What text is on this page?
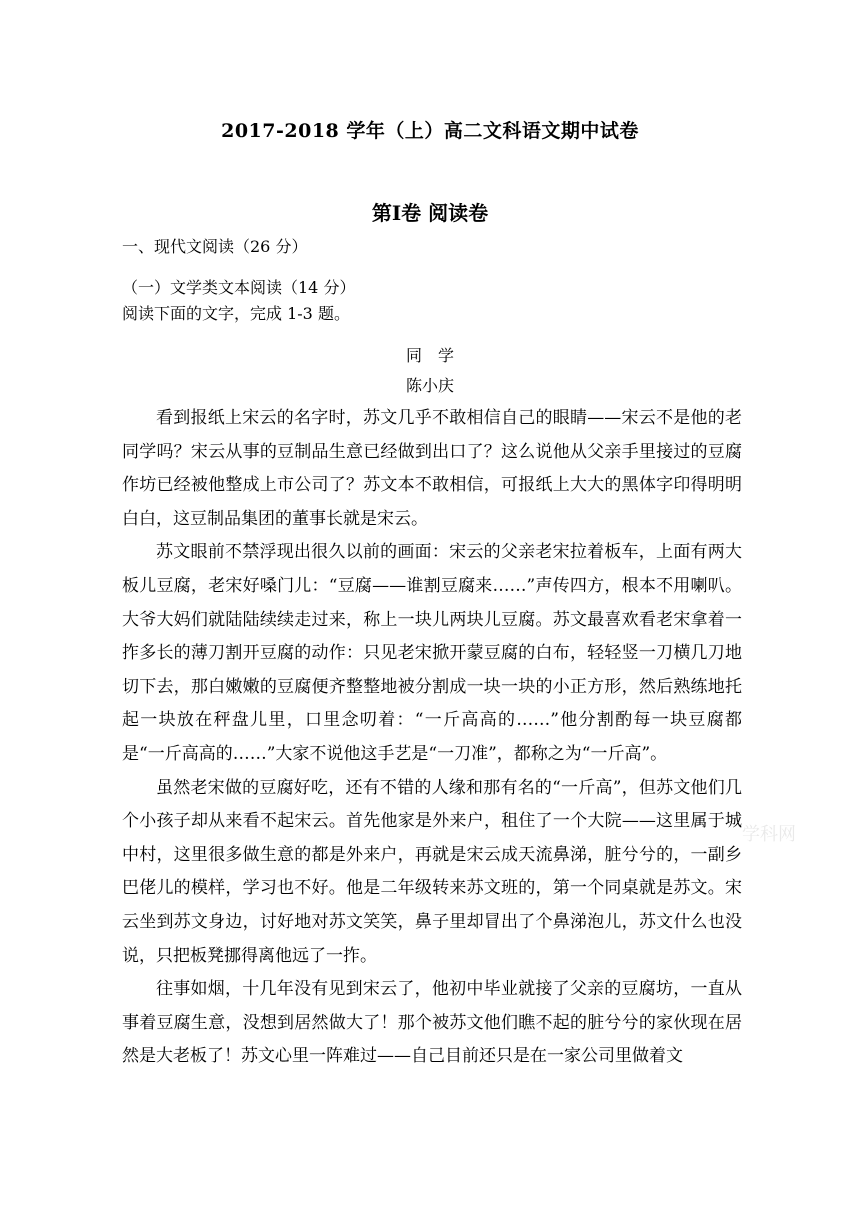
2017-2018 学年（上）高二文科语文期中试卷
第Ⅰ卷 阅读卷
一、现代文阅读（26 分）
（一）文学类文本阅读（14 分）
阅读下面的文字，完成 1-3 题。
同　学
陈小庆

看到报纸上宋云的名字时，苏文几乎不敢相信自己的眼睛——宋云不是他的老同学吗？宋云从事的豆制品生意已经做到出口了？这么说他从父亲手里接过的豆腐作坊已经被他整成上市公司了？苏文本不敢相信，可报纸上大大的黑体字印得明明白白，这豆制品集团的董事长就是宋云。

苏文眼前不禁浮现出很久以前的画面：宋云的父亲老宋拉着板车，上面有两大板儿豆腐，老宋好嗓门儿：“豆腐——谁割豆腐来……”声传四方，根本不用喇叭。大爷大妈们就陆陆续续走过来，称上一块儿两块儿豆腐。苏文最喜欢看老宋拿着一拃多长的薄刀割开豆腐的动作：只见老宋掀开蒙豆腐的白布，轻轻竖一刀横几刀地切下去，那白嫩嫩的豆腐便齐整整地被分割成一块一块的小正方形，然后熟练地托起一块放在秤盘儿里，口里念叨着：“一斤高高的……”他分割酌每一块豆腐都是“一斤高高的……”大家不说他这手艺是“一刀准”，都称之为“一斤高”。

虽然老宋做的豆腐好吃，还有不错的人缘和那有名的“一斤高”，但苏文他们几个小孩子却从来看不起宋云。首先他家是外来户，租住了一个大院——这里属于城中村，这里很多做生意的都是外来户，再就是宋云成天流鼻涕，脏兮兮的，一副乡巴佬儿的模样，学习也不好。他是二年级转来苏文班的，第一个同桌就是苏文。宋云坐到苏文身边，讨好地对苏文笑笑，鼻子里却冒出了个鼻涕泡儿，苏文什么也没说，只把板凳挪得离他远了一拃。

往事如烟，十几年没有见到宋云了，他初中毕业就接了父亲的豆腐坊，一直从事着豆腐生意，没想到居然做大了！那个被苏文他们瞧不起的脏兮兮的家伙现在居然是大老板了！苏文心里一阵难过——自己目前还只是在一家公司里做着文

学科网
